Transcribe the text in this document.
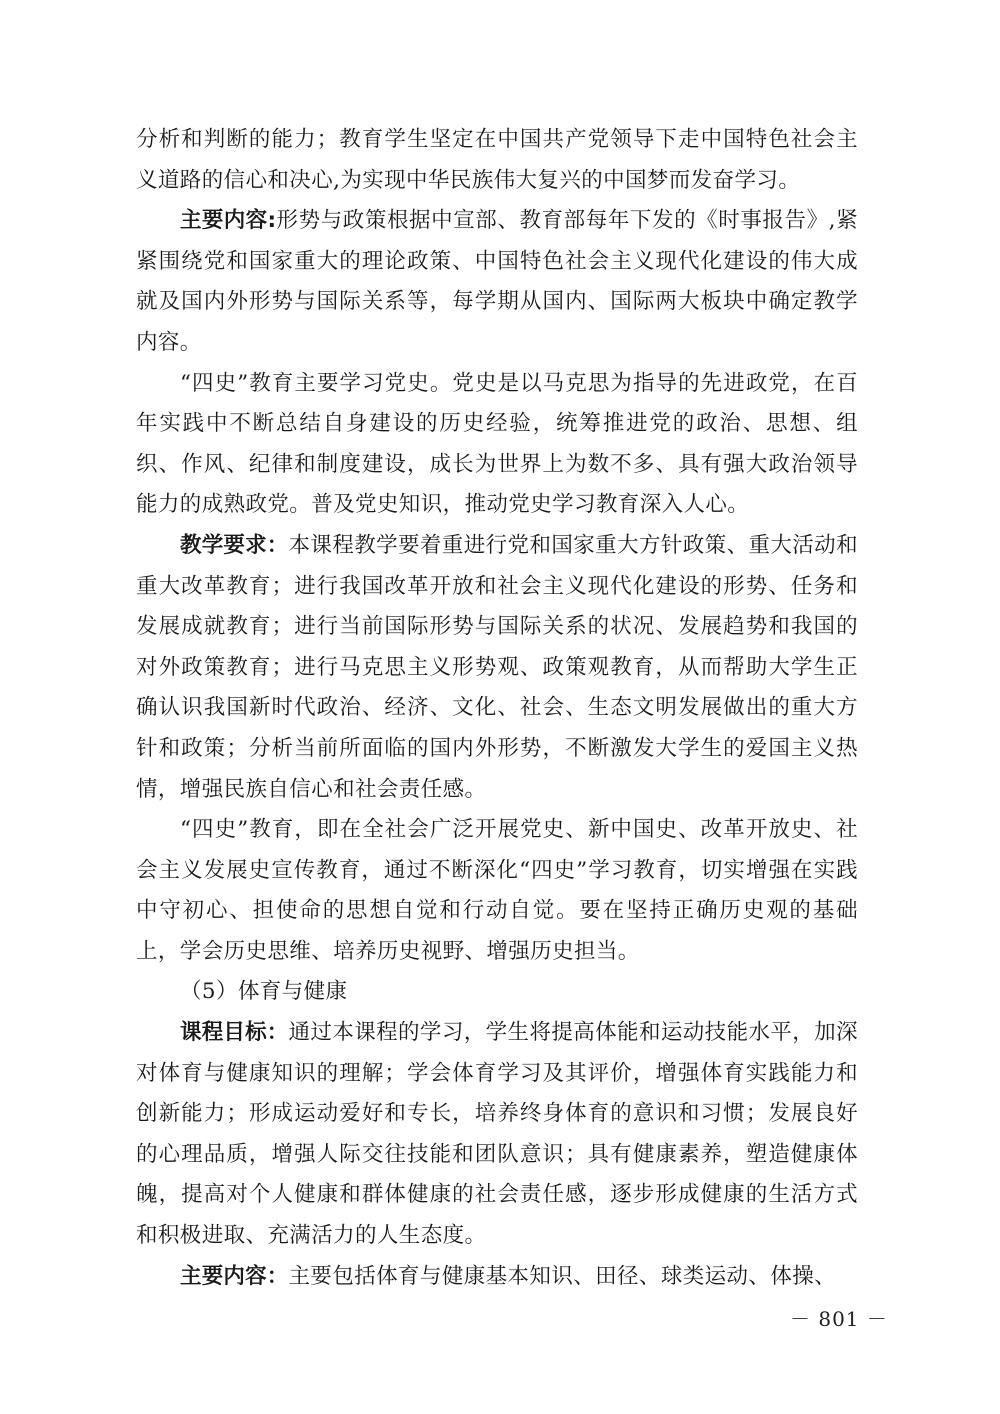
分析和判断的能力；教育学生坚定在中国共产党领导下走中国特色社会主义道路的信心和决心,为实现中华民族伟大复兴的中国梦而发奋学习。

主要内容:形势与政策根据中宣部、教育部每年下发的《时事报告》,紧紧围绕党和国家重大的理论政策、中国特色社会主义现代化建设的伟大成就及国内外形势与国际关系等，每学期从国内、国际两大板块中确定教学内容。

“四史”教育主要学习党史。党史是以马克思为指导的先进政党，在百年实践中不断总结自身建设的历史经验，统筹推进党的政治、思想、组织、作风、纪律和制度建设，成长为世界上为数不多、具有强大政治领导能力的成熟政党。普及党史知识，推动党史学习教育深入人心。

教学要求：本课程教学要着重进行党和国家重大方针政策、重大活动和重大改革教育；进行我国改革开放和社会主义现代化建设的形势、任务和发展成就教育；进行当前国际形势与国际关系的状况、发展趋势和我国的对外政策教育；进行马克思主义形势观、政策观教育，从而帮助大学生正确认识我国新时代政治、经济、文化、社会、生态文明发展做出的重大方针和政策；分析当前所面临的国内外形势，不断激发大学生的爱国主义热情，增强民族自信心和社会责任感。

“四史”教育，即在全社会广泛开展党史、新中国史、改革开放史、社会主义发展史宣传教育，通过不断深化“四史”学习教育，切实增强在实践中守初心、担使命的思想自觉和行动自觉。要在坚持正确历史观的基础上，学会历史思维、培养历史视野、增强历史担当。

（5）体育与健康

课程目标：通过本课程的学习，学生将提高体能和运动技能水平，加深对体育与健康知识的理解；学会体育学习及其评价，增强体育实践能力和创新能力；形成运动爱好和专长，培养终身体育的意识和习惯；发展良好的心理品质，增强人际交往技能和团队意识；具有健康素养，塑造健康体魄，提高对个人健康和群体健康的社会责任感，逐步形成健康的生活方式和积极进取、充满活力的人生态度。

主要内容：主要包括体育与健康基本知识、田径、球类运动、体操、

－ 801 －
